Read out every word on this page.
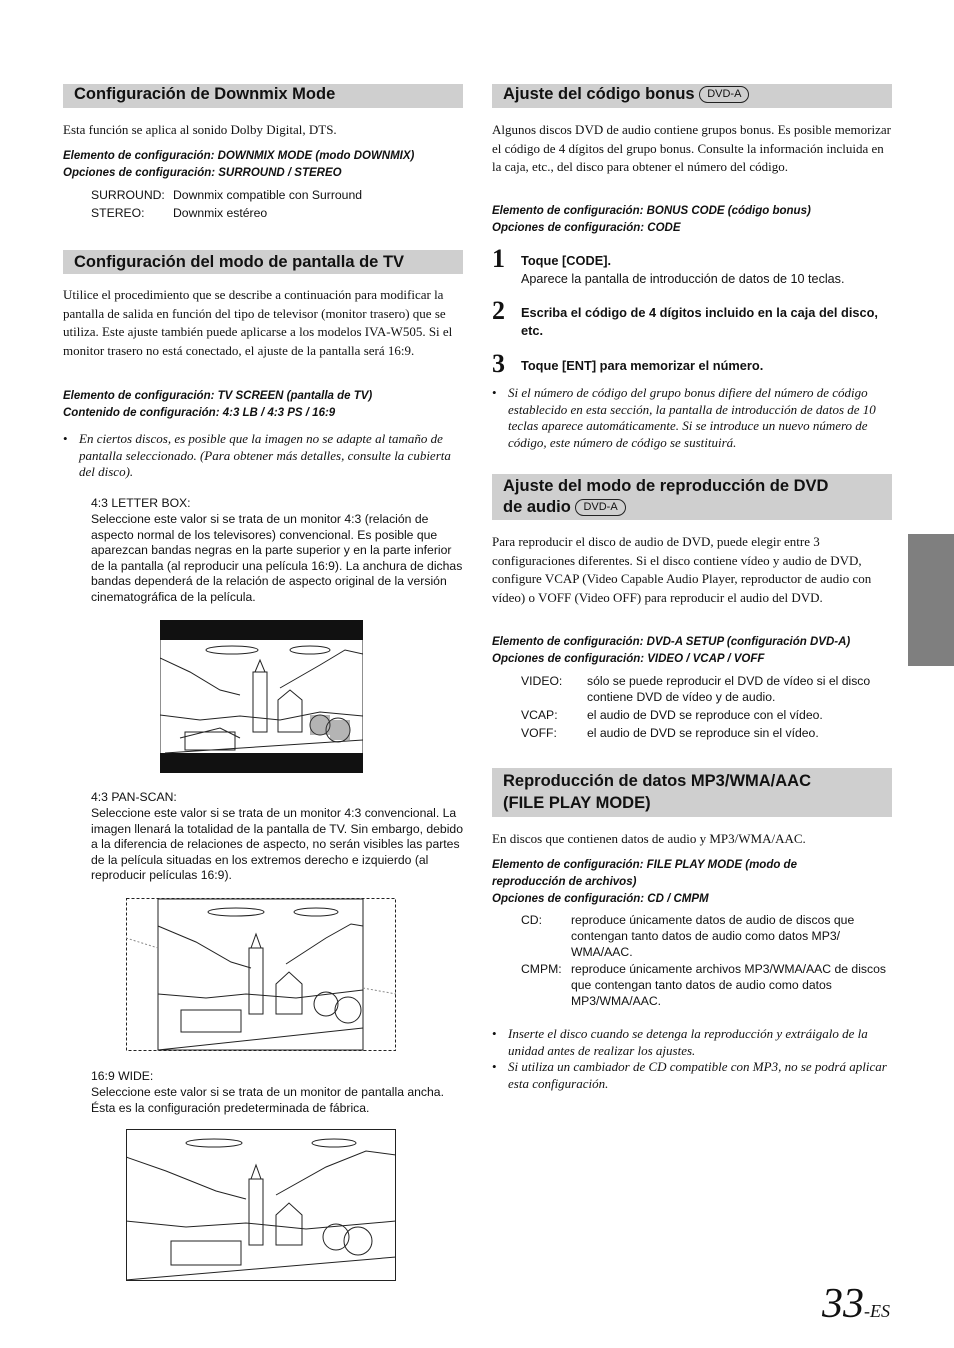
Configuración de Downmix Mode
Esta función se aplica al sonido Dolby Digital, DTS.
Elemento de configuración: DOWNMIX MODE (modo DOWNMIX)
Opciones de configuración: SURROUND / STEREO
SURROUND: Downmix compatible con Surround
STEREO: Downmix estéreo
Configuración del modo de pantalla de TV
Utilice el procedimiento que se describe a continuación para modificar la pantalla de salida en función del tipo de televisor (monitor trasero) que se utiliza. Este ajuste también puede aplicarse a los modelos IVA-W505. Si el monitor trasero no está conectado, el ajuste de la pantalla será 16:9.
Elemento de configuración: TV SCREEN (pantalla de TV)
Contenido de configuración: 4:3 LB / 4:3 PS / 16:9
• En ciertos discos, es posible que la imagen no se adapte al tamaño de pantalla seleccionado. (Para obtener más detalles, consulte la cubierta del disco).
4:3 LETTER BOX:
Seleccione este valor si se trata de un monitor 4:3 (relación de aspecto normal de los televisores) convencional. Es posible que aparezcan bandas negras en la parte superior y en la parte inferior de la pantalla (al reproducir una película 16:9). La anchura de dichas bandas dependerá de la relación de aspecto original de la versión cinematográfica de la película.
4:3 PAN-SCAN:
Seleccione este valor si se trata de un monitor 4:3 convencional. La imagen llenará la totalidad de la pantalla de TV. Sin embargo, debido a la diferencia de relaciones de aspecto, no serán visibles las partes de la película situadas en los extremos derecho e izquierdo (al reproducir películas 16:9).
16:9 WIDE:
Seleccione este valor si se trata de un monitor de pantalla ancha. Ésta es la configuración predeterminada de fábrica.
Ajuste del código bonus DVD-A
Algunos discos DVD de audio contiene grupos bonus. Es posible memorizar el código de 4 dígitos del grupo bonus. Consulte la información incluida en la caja, etc., del disco para obtener el número del código.
Elemento de configuración: BONUS CODE (código bonus)
Opciones de configuración: CODE
1 Toque [CODE].
Aparece la pantalla de introducción de datos de 10 teclas.
2 Escriba el código de 4 dígitos incluido en la caja del disco, etc.
3 Toque [ENT] para memorizar el número.
• Si el número de código del grupo bonus difiere del número de código establecido en esta sección, la pantalla de introducción de datos de 10 teclas aparece automáticamente. Si se introduce un nuevo número de código, este número de código se sustituirá.
Ajuste del modo de reproducción de DVD
de audio DVD-A
Para reproducir el disco de audio de DVD, puede elegir entre 3 configuraciones diferentes. Si el disco contiene vídeo y audio de DVD, configure VCAP (Video Capable Audio Player, reproductor de audio con vídeo) o VOFF (Video OFF) para reproducir el audio del DVD.
Elemento de configuración: DVD-A SETUP (configuración DVD-A)
Opciones de configuración: VIDEO / VCAP / VOFF
VIDEO: sólo se puede reproducir el DVD de vídeo si el disco contiene DVD de vídeo y de audio.
VCAP: el audio de DVD se reproduce con el vídeo.
VOFF: el audio de DVD se reproduce sin el vídeo.
Reproducción de datos MP3/WMA/AAC
(FILE PLAY MODE)
En discos que contienen datos de audio y MP3/WMA/AAC.
Elemento de configuración: FILE PLAY MODE (modo de
reproducción de archivos)
Opciones de configuración: CD / CMPM
CD: reproduce únicamente datos de audio de discos que contengan tanto datos de audio como datos MP3/ WMA/AAC.
CMPM: reproduce únicamente archivos MP3/WMA/AAC de discos que contengan tanto datos de audio como datos MP3/WMA/AAC.
• Inserte el disco cuando se detenga la reproducción y extráigalo de la unidad antes de realizar los ajustes.
• Si utiliza un cambiador de CD compatible con MP3, no se podrá aplicar esta configuración.
33-ES
